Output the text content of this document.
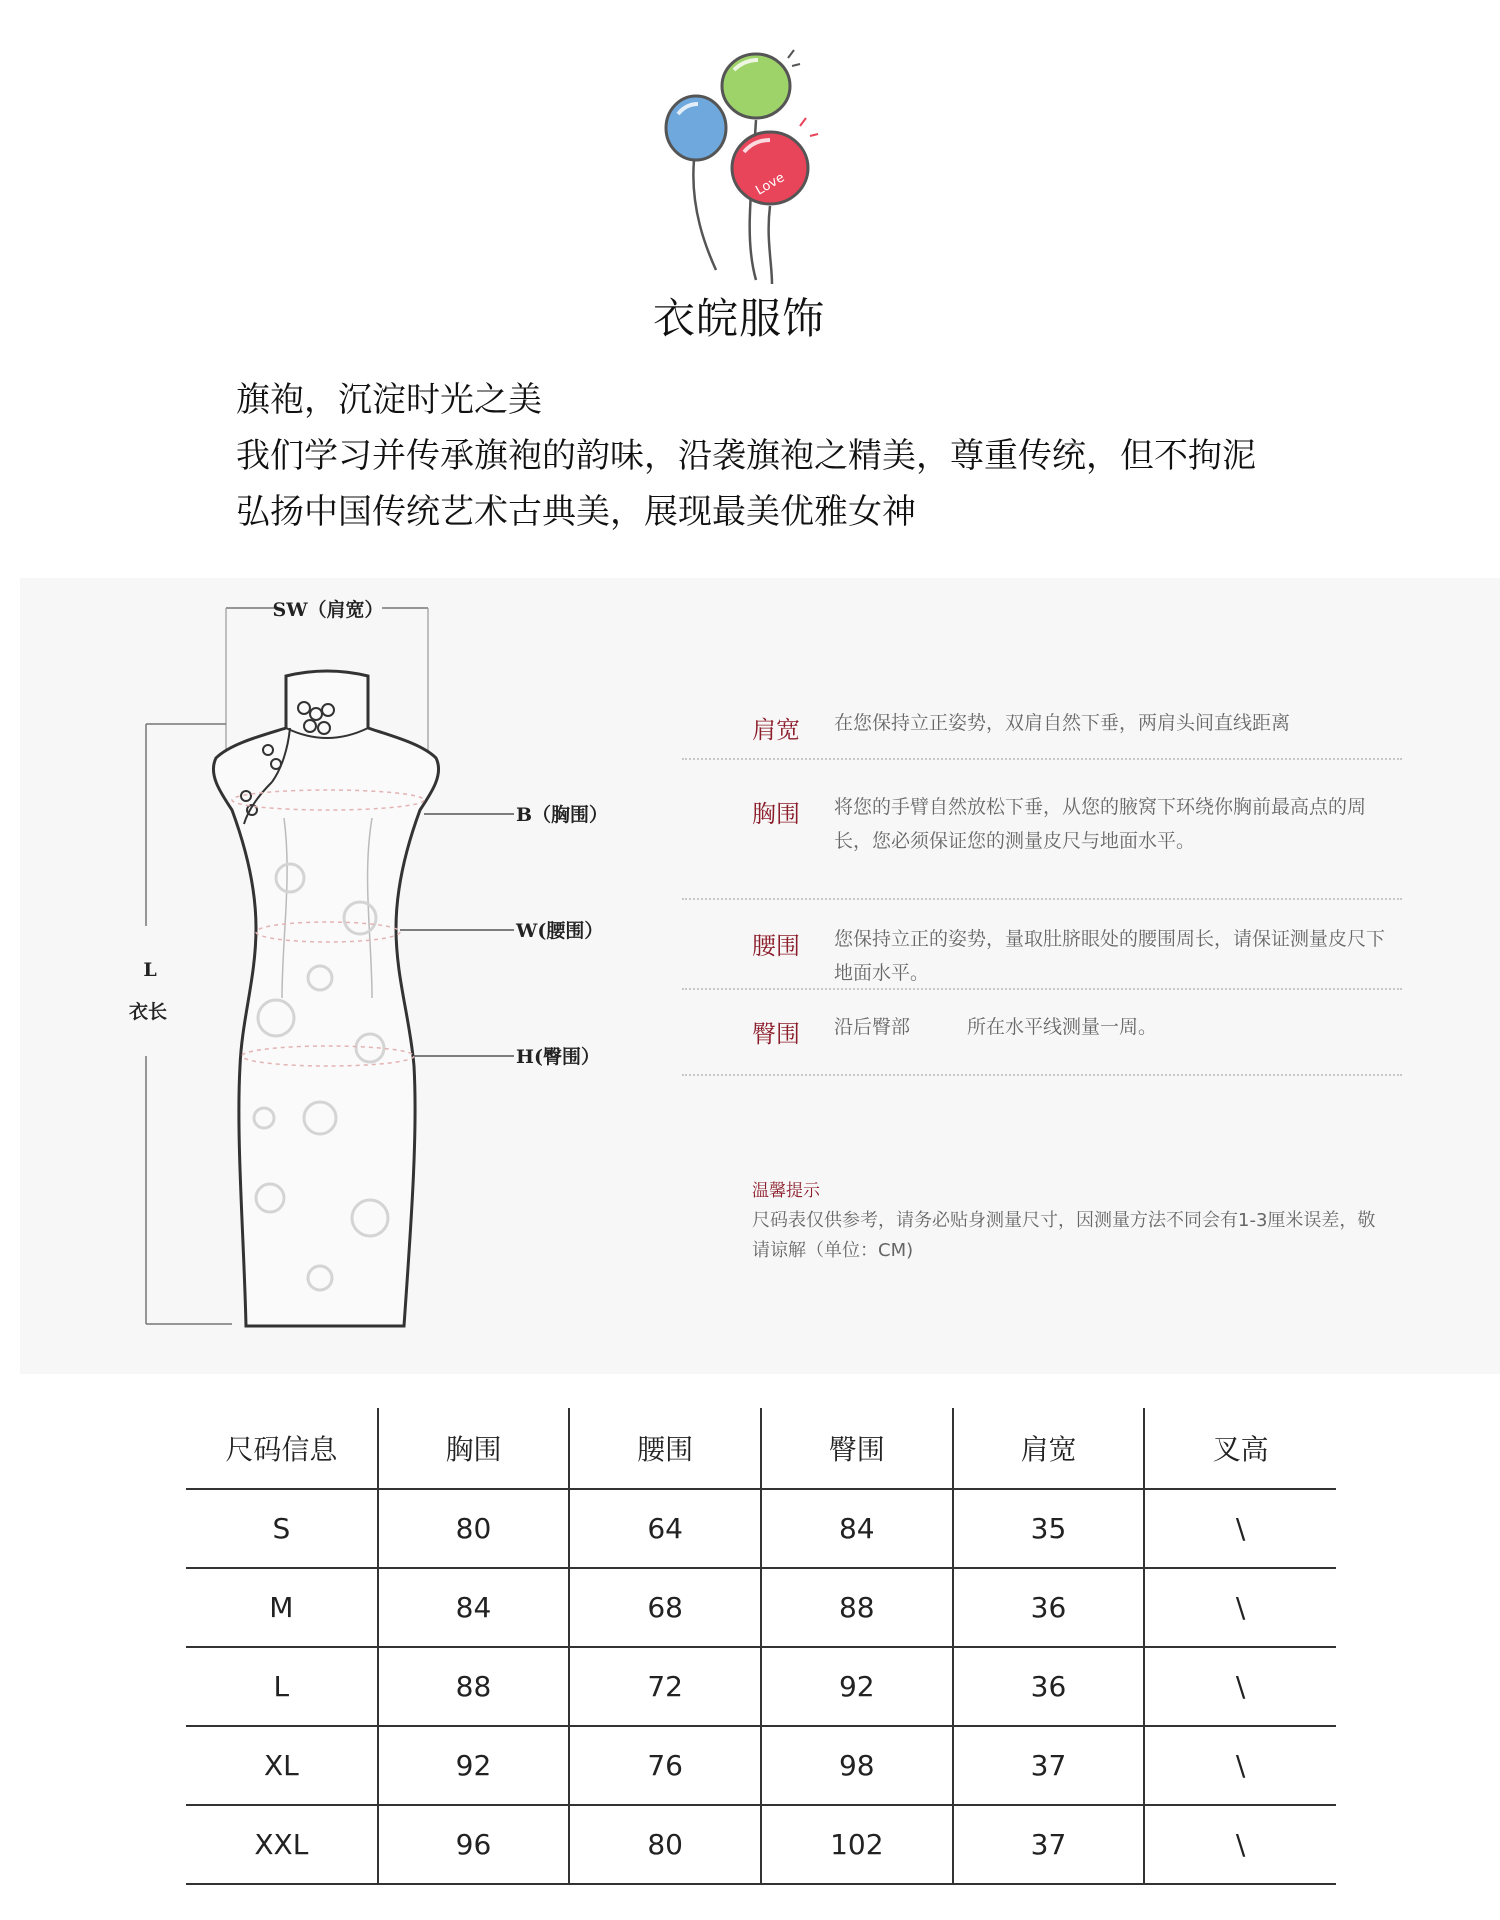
Love
衣皖服饰
旗袍，沉淀时光之美
我们学习并传承旗袍的韵味，沿袭旗袍之精美，尊重传统，但不拘泥
弘扬中国传统艺术古典美，展现最美优雅女神
SW（肩宽）
L
衣长
B（胸围）
W(腰围）
H(臀围）
肩宽 在您保持立正姿势，双肩自然下垂，两肩头间直线距离
胸围 将您的手臂自然放松下垂，从您的腋窝下环绕你胸前最高点的周长，您必须保证您的测量皮尺与地面水平。
腰围 您保持立正的姿势，量取肚脐眼处的腰围周长，请保证测量皮尺下地面水平。
臀围 沿后臀部　　　所在水平线测量一周。
温馨提示
尺码表仅供参考，请务必贴身测量尺寸，因测量方法不同会有1-3厘米误差，敬请谅解（单位：CM)
尺码信息	胸围	腰围	臀围	肩宽	叉高
S	80	64	84	35	\
M	84	68	88	36	\
L	88	72	92	36	\
XL	92	76	98	37	\
XXL	96	80	102	37	\
